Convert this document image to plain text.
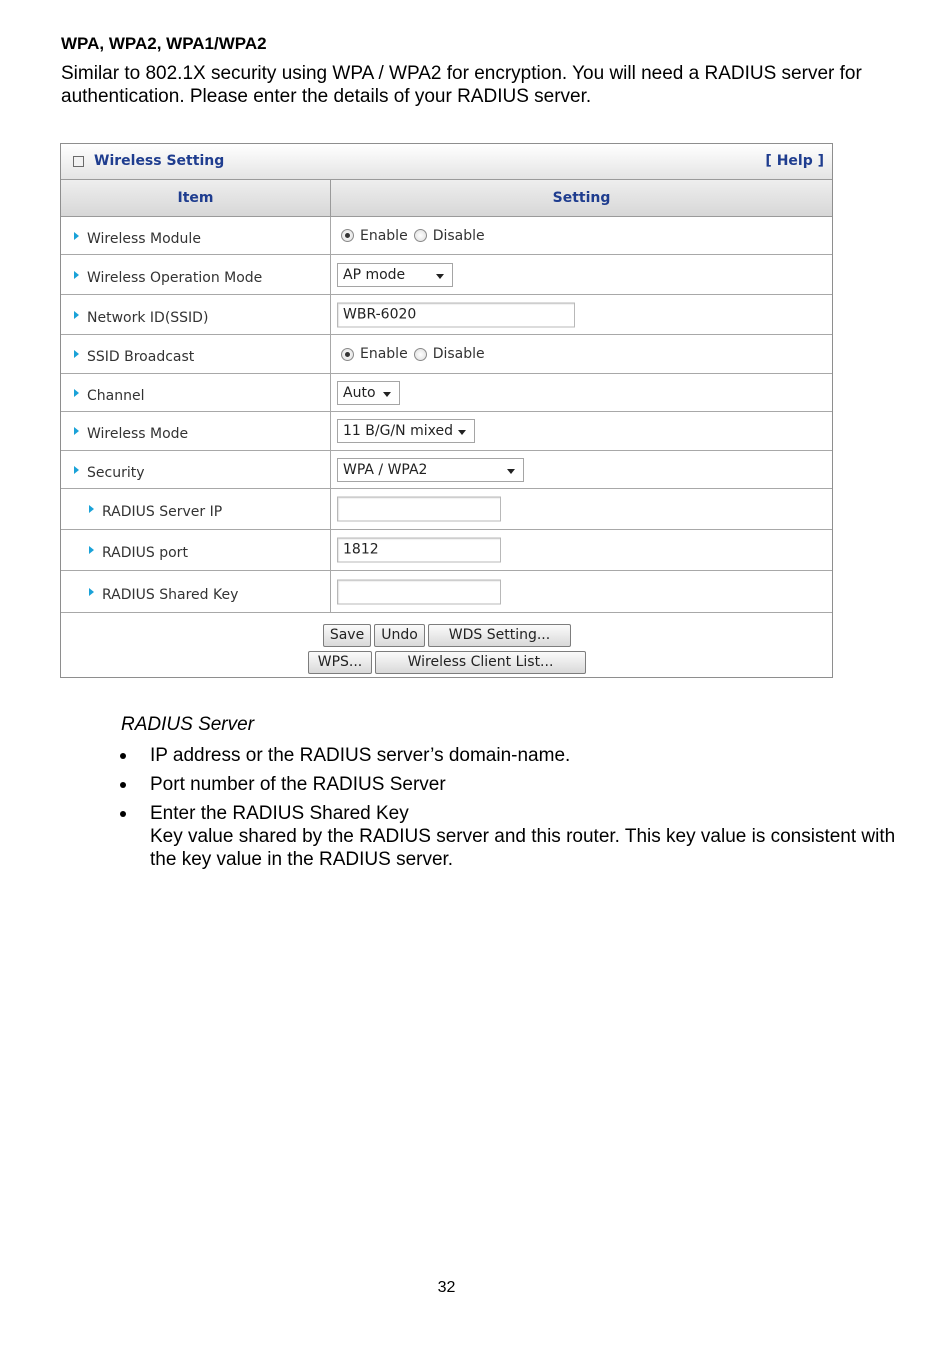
WPA, WPA2, WPA1/WPA2
Similar to 802.1X security using WPA / WPA2 for encryption. You will need a RADIUS server for authentication. Please enter the details of your RADIUS server.
Wireless Setting	[ Help ]
Item	Setting
Wireless Module	Enable Disable
Wireless Operation Mode	AP mode
Network ID(SSID)	WBR-6020
SSID Broadcast	Enable Disable
Channel	Auto
Wireless Mode	11 B/G/N mixed
Security	WPA / WPA2
RADIUS Server IP
RADIUS port	1812
RADIUS Shared Key
Save	Undo	WDS Setting...
WPS...	Wireless Client List...
RADIUS Server
IP address or the RADIUS server’s domain-name.
Port number of the RADIUS Server
Enter the RADIUS Shared Key
Key value shared by the RADIUS server and this router. This key value is consistent with the key value in the RADIUS server.
32
